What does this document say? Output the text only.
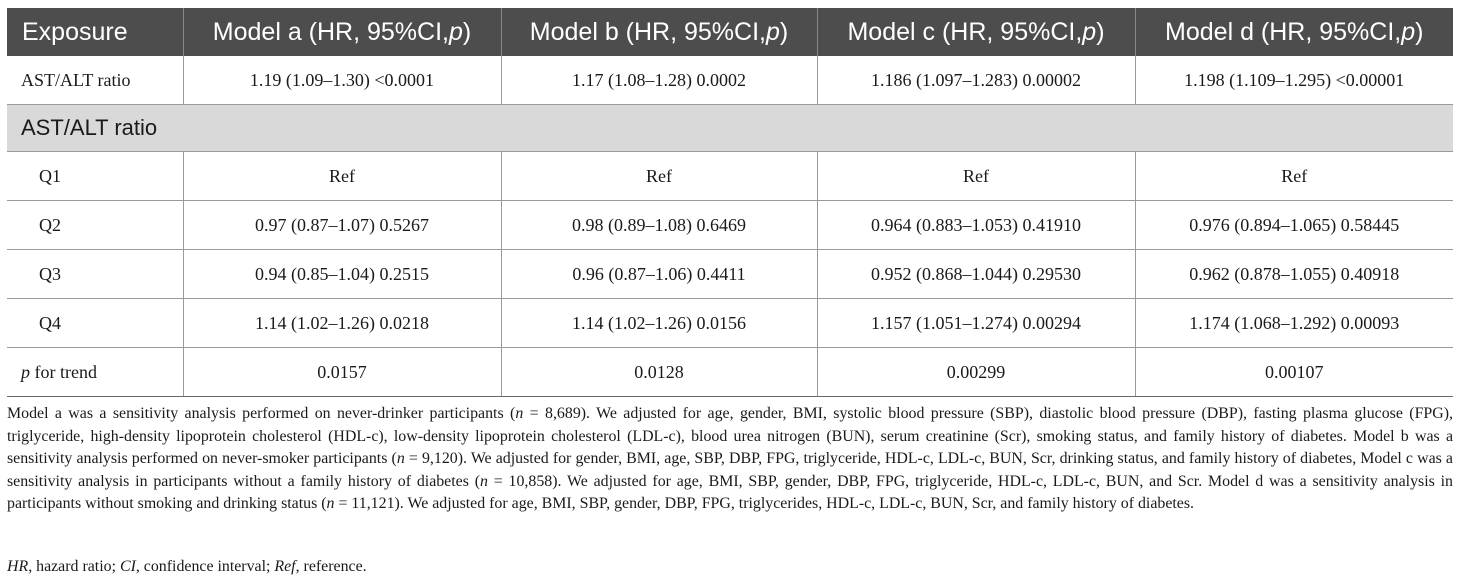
Exposure	Model a (HR, 95%CI,p)	Model b (HR, 95%CI,p)	Model c (HR, 95%CI,p)	Model d (HR, 95%CI,p)
AST/ALT ratio	1.19 (1.09–1.30) <0.0001	1.17 (1.08–1.28) 0.0002	1.186 (1.097–1.283) 0.00002	1.198 (1.109–1.295) <0.00001
AST/ALT ratio				
Q1	Ref	Ref	Ref	Ref
Q2	0.97 (0.87–1.07) 0.5267	0.98 (0.89–1.08) 0.6469	0.964 (0.883–1.053) 0.41910	0.976 (0.894–1.065) 0.58445
Q3	0.94 (0.85–1.04) 0.2515	0.96 (0.87–1.06) 0.4411	0.952 (0.868–1.044) 0.29530	0.962 (0.878–1.055) 0.40918
Q4	1.14 (1.02–1.26) 0.0218	1.14 (1.02–1.26) 0.0156	1.157 (1.051–1.274) 0.00294	1.174 (1.068–1.292) 0.00093
p for trend	0.0157	0.0128	0.00299	0.00107

Model a was a sensitivity analysis performed on never-drinker participants (n = 8,689). We adjusted for age, gender, BMI, systolic blood pressure (SBP), diastolic blood pressure (DBP), fasting plasma glucose (FPG), triglyceride, high-density lipoprotein cholesterol (HDL-c), low-density lipoprotein cholesterol (LDL-c), blood urea nitrogen (BUN), serum creatinine (Scr), smoking status, and family history of diabetes. Model b was a sensitivity analysis performed on never-smoker participants (n = 9,120). We adjusted for gender, BMI, age, SBP, DBP, FPG, triglyceride, HDL-c, LDL-c, BUN, Scr, drinking status, and family history of diabetes, Model c was a sensitivity analysis in participants without a family history of diabetes (n = 10,858). We adjusted for age, BMI, SBP, gender, DBP, FPG, triglyceride, HDL-c, LDL-c, BUN, and Scr. Model d was a sensitivity analysis in participants without smoking and drinking status (n = 11,121). We adjusted for age, BMI, SBP, gender, DBP, FPG, triglycerides, HDL-c, LDL-c, BUN, Scr, and family history of diabetes.

HR, hazard ratio; CI, confidence interval; Ref, reference.
